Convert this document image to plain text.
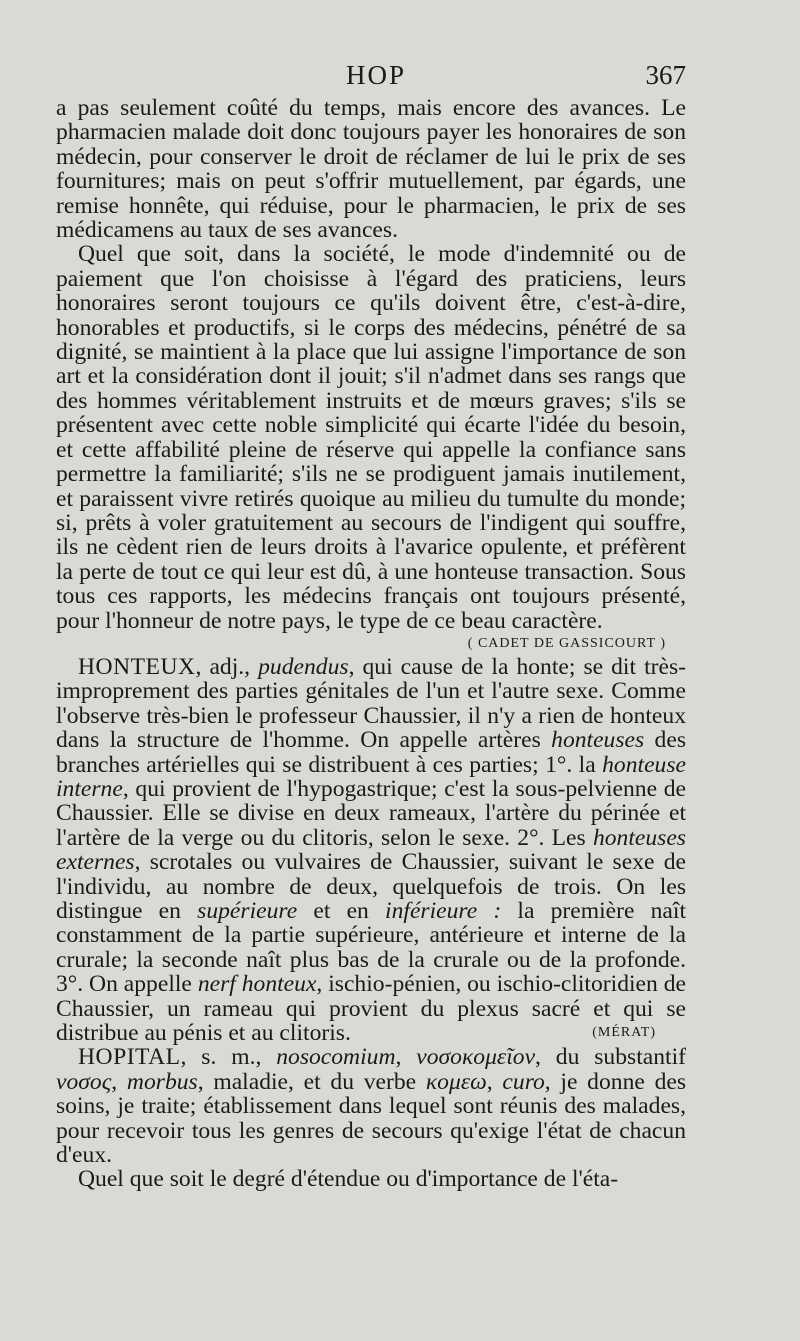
HOP	367

a pas seulement coûté du temps, mais encore des avances. Le pharmacien malade doit donc toujours payer les honoraires de son médecin, pour conserver le droit de réclamer de lui le prix de ses fournitures; mais on peut s'offrir mutuellement, par égards, une remise honnête, qui réduise, pour le pharmacien, le prix de ses médicamens au taux de ses avances.

Quel que soit, dans la société, le mode d'indemnité ou de paiement que l'on choisisse à l'égard des praticiens, leurs honoraires seront toujours ce qu'ils doivent être, c'est-à-dire, honorables et productifs, si le corps des médecins, pénétré de sa dignité, se maintient à la place que lui assigne l'importance de son art et la considération dont il jouit; s'il n'admet dans ses rangs que des hommes véritablement instruits et de mœurs graves; s'ils se présentent avec cette noble simplicité qui écarte l'idée du besoin, et cette affabilité pleine de réserve qui appelle la confiance sans permettre la familiarité; s'ils ne se prodiguent jamais inutilement, et paraissent vivre retirés quoique au milieu du tumulte du monde; si, prêts à voler gratuitement au secours de l'indigent qui souffre, ils ne cèdent rien de leurs droits à l'avarice opulente, et préfèrent la perte de tout ce qui leur est dû, à une honteuse transaction. Sous tous ces rapports, les médecins français ont toujours présenté, pour l'honneur de notre pays, le type de ce beau caractère.

( CADET DE GASSICOURT )

HONTEUX, adj., pudendus, qui cause de la honte; se dit très-improprement des parties génitales de l'un et l'autre sexe. Comme l'observe très-bien le professeur Chaussier, il n'y a rien de honteux dans la structure de l'homme. On appelle artères honteuses des branches artérielles qui se distribuent à ces parties; 1°. la honteuse interne, qui provient de l'hypogastrique; c'est la sous-pelvienne de Chaussier. Elle se divise en deux rameaux, l'artère du périnée et l'artère de la verge ou du clitoris, selon le sexe. 2°. Les honteuses externes, scrotales ou vulvaires de Chaussier, suivant le sexe de l'individu, au nombre de deux, quelquefois de trois. On les distingue en supérieure et en inférieure : la première naît constamment de la partie supérieure, antérieure et interne de la crurale; la seconde naît plus bas de la crurale ou de la profonde. 3°. On appelle nerf honteux, ischio-pénien, ou ischio-clitoridien de Chaussier, un rameau qui provient du plexus sacré et qui se distribue au pénis et au clitoris.	(MÉRAT)

HOPITAL, s. m., nosocomium, νοσοκομεῖον, du substantif νοσος, morbus, maladie, et du verbe κομεω, curo, je donne des soins, je traite; établissement dans lequel sont réunis des malades, pour recevoir tous les genres de secours qu'exige l'état de chacun d'eux.

Quel que soit le degré d'étendue ou d'importance de l'éta-
